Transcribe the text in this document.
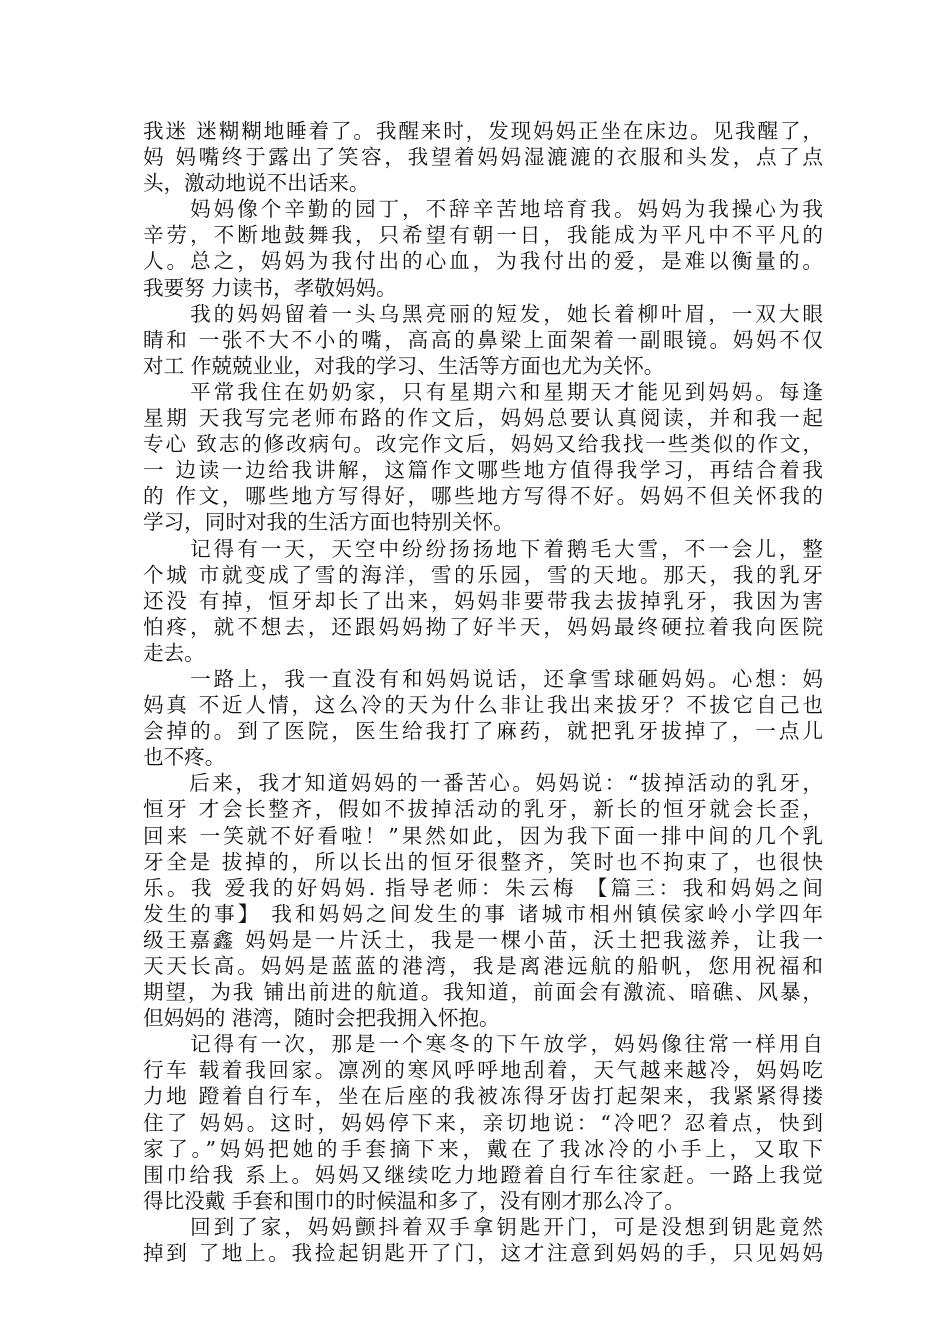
我迷 迷糊糊地睡着了。我醒来时，发现妈妈正坐在床边。见我醒了，
妈 妈嘴终于露出了笑容，我望着妈妈湿漉漉的衣服和头发，点了点
头，激动地说不出话来。
　　妈妈像个辛勤的园丁，不辞辛苦地培育我。妈妈为我操心为我
辛劳，不断地鼓舞我，只希望有朝一日，我能成为平凡中不平凡的
人。总之，妈妈为我付出的心血，为我付出的爱，是难以衡量的。
我要努 力读书，孝敬妈妈。
　　我的妈妈留着一头乌黑亮丽的短发，她长着柳叶眉，一双大眼
睛和 一张不大不小的嘴，高高的鼻梁上面架着一副眼镜。妈妈不仅
对工 作兢兢业业，对我的学习、生活等方面也尤为关怀。
　　平常我住在奶奶家，只有星期六和星期天才能见到妈妈。每逢
星期 天我写完老师布路的作文后，妈妈总要认真阅读，并和我一起
专心 致志的修改病句。改完作文后，妈妈又给我找一些类似的作文，
一 边读一边给我讲解，这篇作文哪些地方值得我学习，再结合着我
的 作文，哪些地方写得好，哪些地方写得不好。妈妈不但关怀我的
学习，同时对我的生活方面也特别关怀。
　　记得有一天，天空中纷纷扬扬地下着鹅毛大雪，不一会儿，整
个城 市就变成了雪的海洋，雪的乐园，雪的天地。那天，我的乳牙
还没 有掉，恒牙却长了出来，妈妈非要带我去拔掉乳牙，我因为害
怕疼，就不想去，还跟妈妈拗了好半天，妈妈最终硬拉着我向医院
走去。
　　一路上，我一直没有和妈妈说话，还拿雪球砸妈妈。心想：妈
妈真 不近人情，这么冷的天为什么非让我出来拔牙？不拔它自己也
会掉的。到了医院，医生给我打了麻药，就把乳牙拔掉了，一点儿
也不疼。
　　后来，我才知道妈妈的一番苦心。妈妈说：“拔掉活动的乳牙，
恒牙 才会长整齐，假如不拔掉活动的乳牙，新长的恒牙就会长歪，
回来 一笑就不好看啦！”果然如此，因为我下面一排中间的几个乳
牙全是 拔掉的，所以长出的恒牙很整齐，笑时也不拘束了，也很快
乐。我 爱我的好妈妈. 指导老师：朱云梅 【篇三：我和妈妈之间
发生的事】 我和妈妈之间发生的事 诸城市相州镇侯家岭小学四年
级王嘉鑫 妈妈是一片沃土，我是一棵小苗，沃土把我滋养，让我一
天天长高。妈妈是蓝蓝的港湾，我是离港远航的船帆，您用祝福和
期望，为我 铺出前进的航道。我知道，前面会有激流、暗礁、风暴，
但妈妈的 港湾，随时会把我拥入怀抱。
　　记得有一次，那是一个寒冬的下午放学，妈妈像往常一样用自
行车 载着我回家。凛冽的寒风呼呼地刮着，天气越来越冷，妈妈吃
力地 蹬着自行车，坐在后座的我被冻得牙齿打起架来，我紧紧得搂
住了 妈妈。这时，妈妈停下来，亲切地说：“冷吧？忍着点，快到
家了。”妈妈把她的手套摘下来，戴在了我冰冷的小手上，又取下
围巾给我 系上。妈妈又继续吃力地蹬着自行车往家赶。一路上我觉
得比没戴 手套和围巾的时候温和多了，没有刚才那么冷了。
　　回到了家，妈妈颤抖着双手拿钥匙开门，可是没想到钥匙竟然
掉到 了地上。我捡起钥匙开了门，这才注意到妈妈的手，只见妈妈
